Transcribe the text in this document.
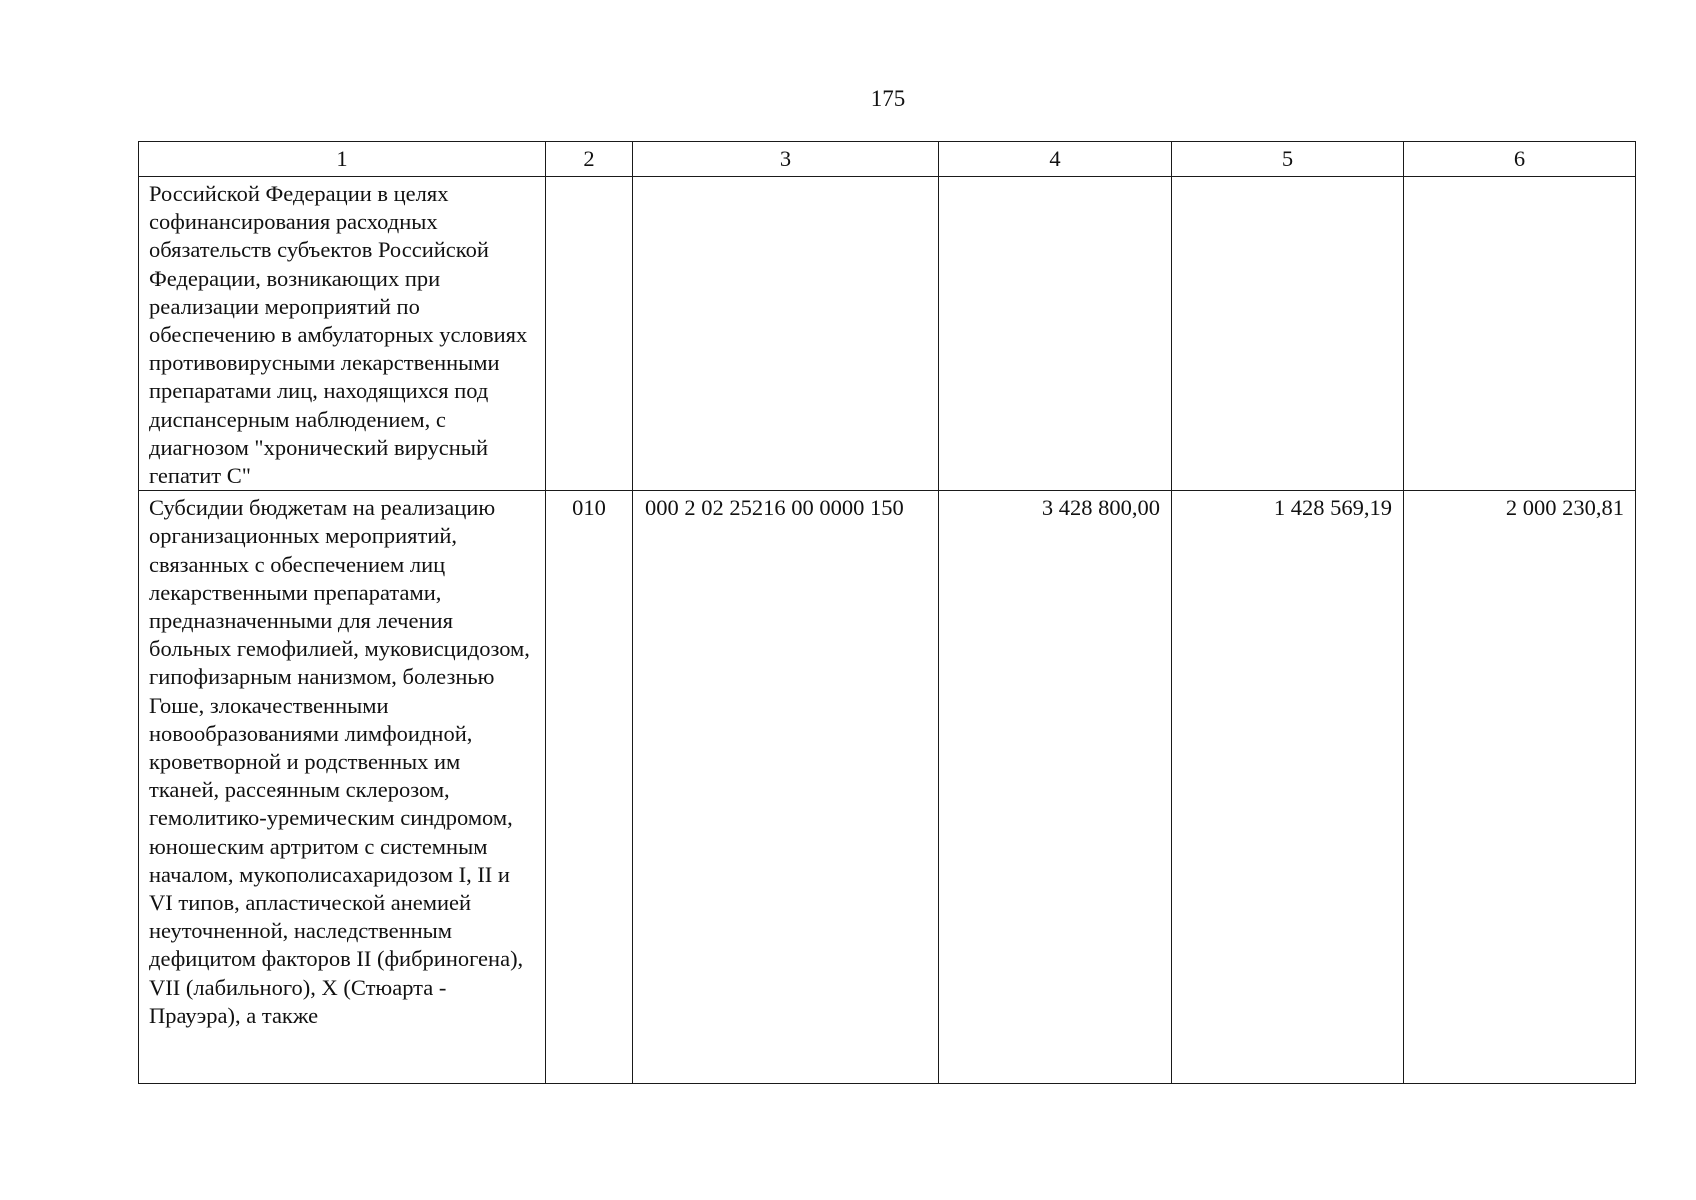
175
1	2	3	4	5	6

Российской Федерации в целях софинансирования расходных обязательств субъектов Российской Федерации, возникающих при реализации мероприятий по обеспечению в амбулаторных условиях противовирусными лекарственными препаратами лиц, находящихся под диспансерным наблюдением, с диагнозом "хронический вирусный гепатит С"					

Субсидии бюджетам на реализацию организационных мероприятий, связанных с обеспечением лиц лекарственными препаратами, предназначенными для лечения больных гемофилией, муковисцидозом, гипофизарным нанизмом, болезнью Гоше, злокачественными новообразованиями лимфоидной, кроветворной и родственных им тканей, рассеянным склерозом, гемолитико-уремическим синдромом, юношеским артритом с системным началом, мукополисахаридозом I, II и VI типов, апластической анемией неуточненной, наследственным дефицитом факторов II (фибриногена), VII (лабильного), X (Стюарта - Прауэра), а также	010	000 2 02 25216 00 0000 150	3 428 800,00	1 428 569,19	2 000 230,81
